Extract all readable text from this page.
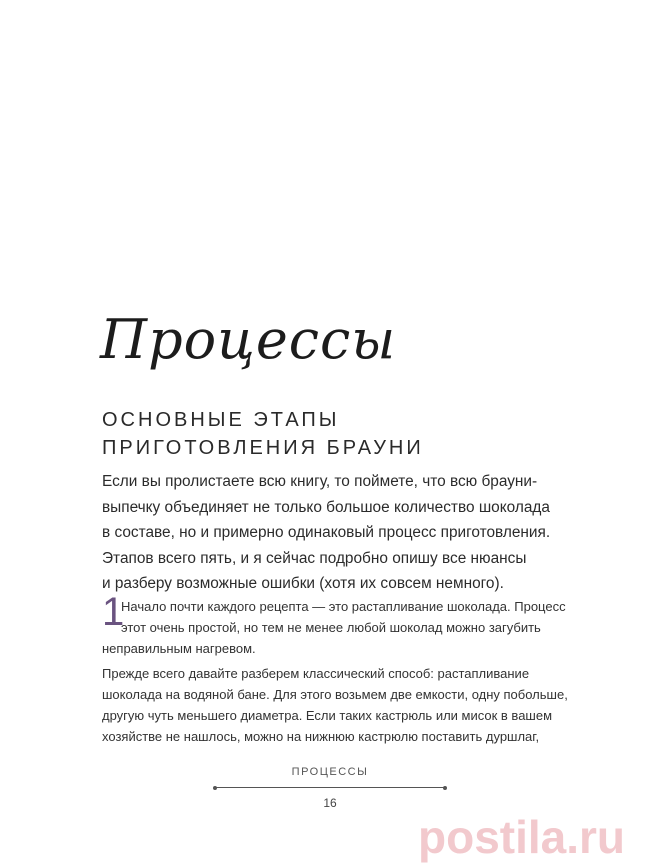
Процессы
ОСНОВНЫЕ ЭТАПЫ
ПРИГОТОВЛЕНИЯ БРАУНИ
Если вы пролистаете всю книгу, то поймете, что всю брауни-
выпечку объединяет не только большое количество шоколада
в составе, но и примерно одинаковый процесс приготовления.
Этапов всего пять, и я сейчас подробно опишу все нюансы
и разберу возможные ошибки (хотя их совсем немного).
1
Начало почти каждого рецепта — это растапливание шоколада. Процесс
этот очень простой, но тем не менее любой шоколад можно загубить
неправильным нагревом.
Прежде всего давайте разберем классический способ: растапливание
шоколада на водяной бане. Для этого возьмем две емкости, одну побольше,
другую чуть меньшего диаметра. Если таких кастрюль или мисок в вашем
хозяйстве не нашлось, можно на нижнюю кастрюлю поставить дуршлаг,
ПРОЦЕССЫ
16
postila.ru
